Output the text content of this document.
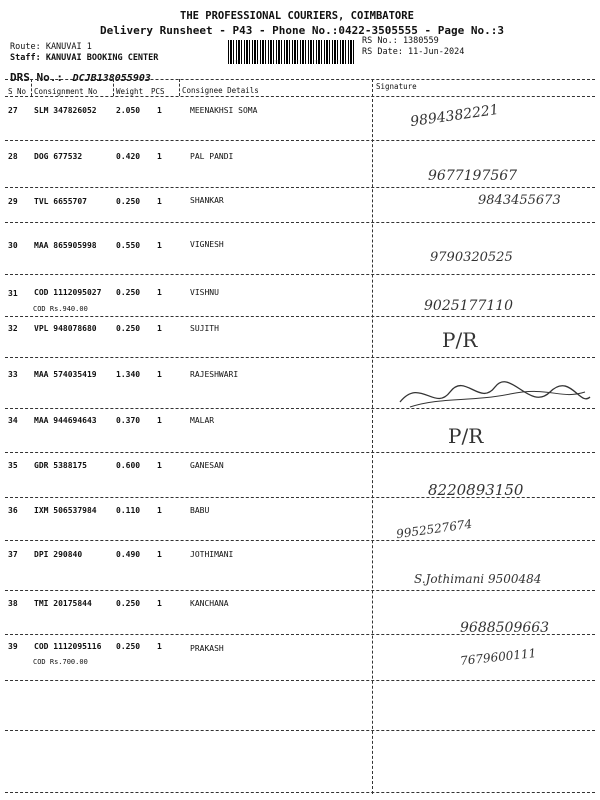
THE PROFESSIONAL COURIERS, COIMBATORE
Delivery Runsheet - P43 - Phone No.:0422-3505555 - Page No.:3
Route: KANUVAI 1
Staff: KANUVAI BOOKING CENTER
RS No.: 1380559
RS Date: 11-Jun-2024
DRS No.: DCJB138055903
S No Consignment No	Weight PCS Consignee Details	Signature
27 SLM 347826052 2.050 1	MEENAKHSI SOMA	9894382221
28 DOG 677532	0.420 1	PAL PANDI
9677197567
29 TVL 6655707	0.250 1	SHANKAR	9843455673
30 MAA 865905998 0.550 1	VIGNESH
9790320525
31 COD 1112095027 0.250 1	VISHNU
COD Rs.940.00	9025177110
32 VPL 948078680 0.250 1	SUJITH	P/R
33 MAA 574035419 1.340 1	RAJESHWARI
34 MAA 944694643 0.370 1	MALAR
P/R
35 GDR 5388175	0.600 1	GANESAN
8220893150
36 IXM 506537984 0.110 1	BABU
9952527674
37 DPI 290840	0.490 1	JOTHIMANI
S.Jothimani 9500484
38 TMI 20175844	0.250 1	KANCHANA
9688509663
39 COD 1112095116 0.250 1	PRAKASH
COD Rs.700.00	7679600111
